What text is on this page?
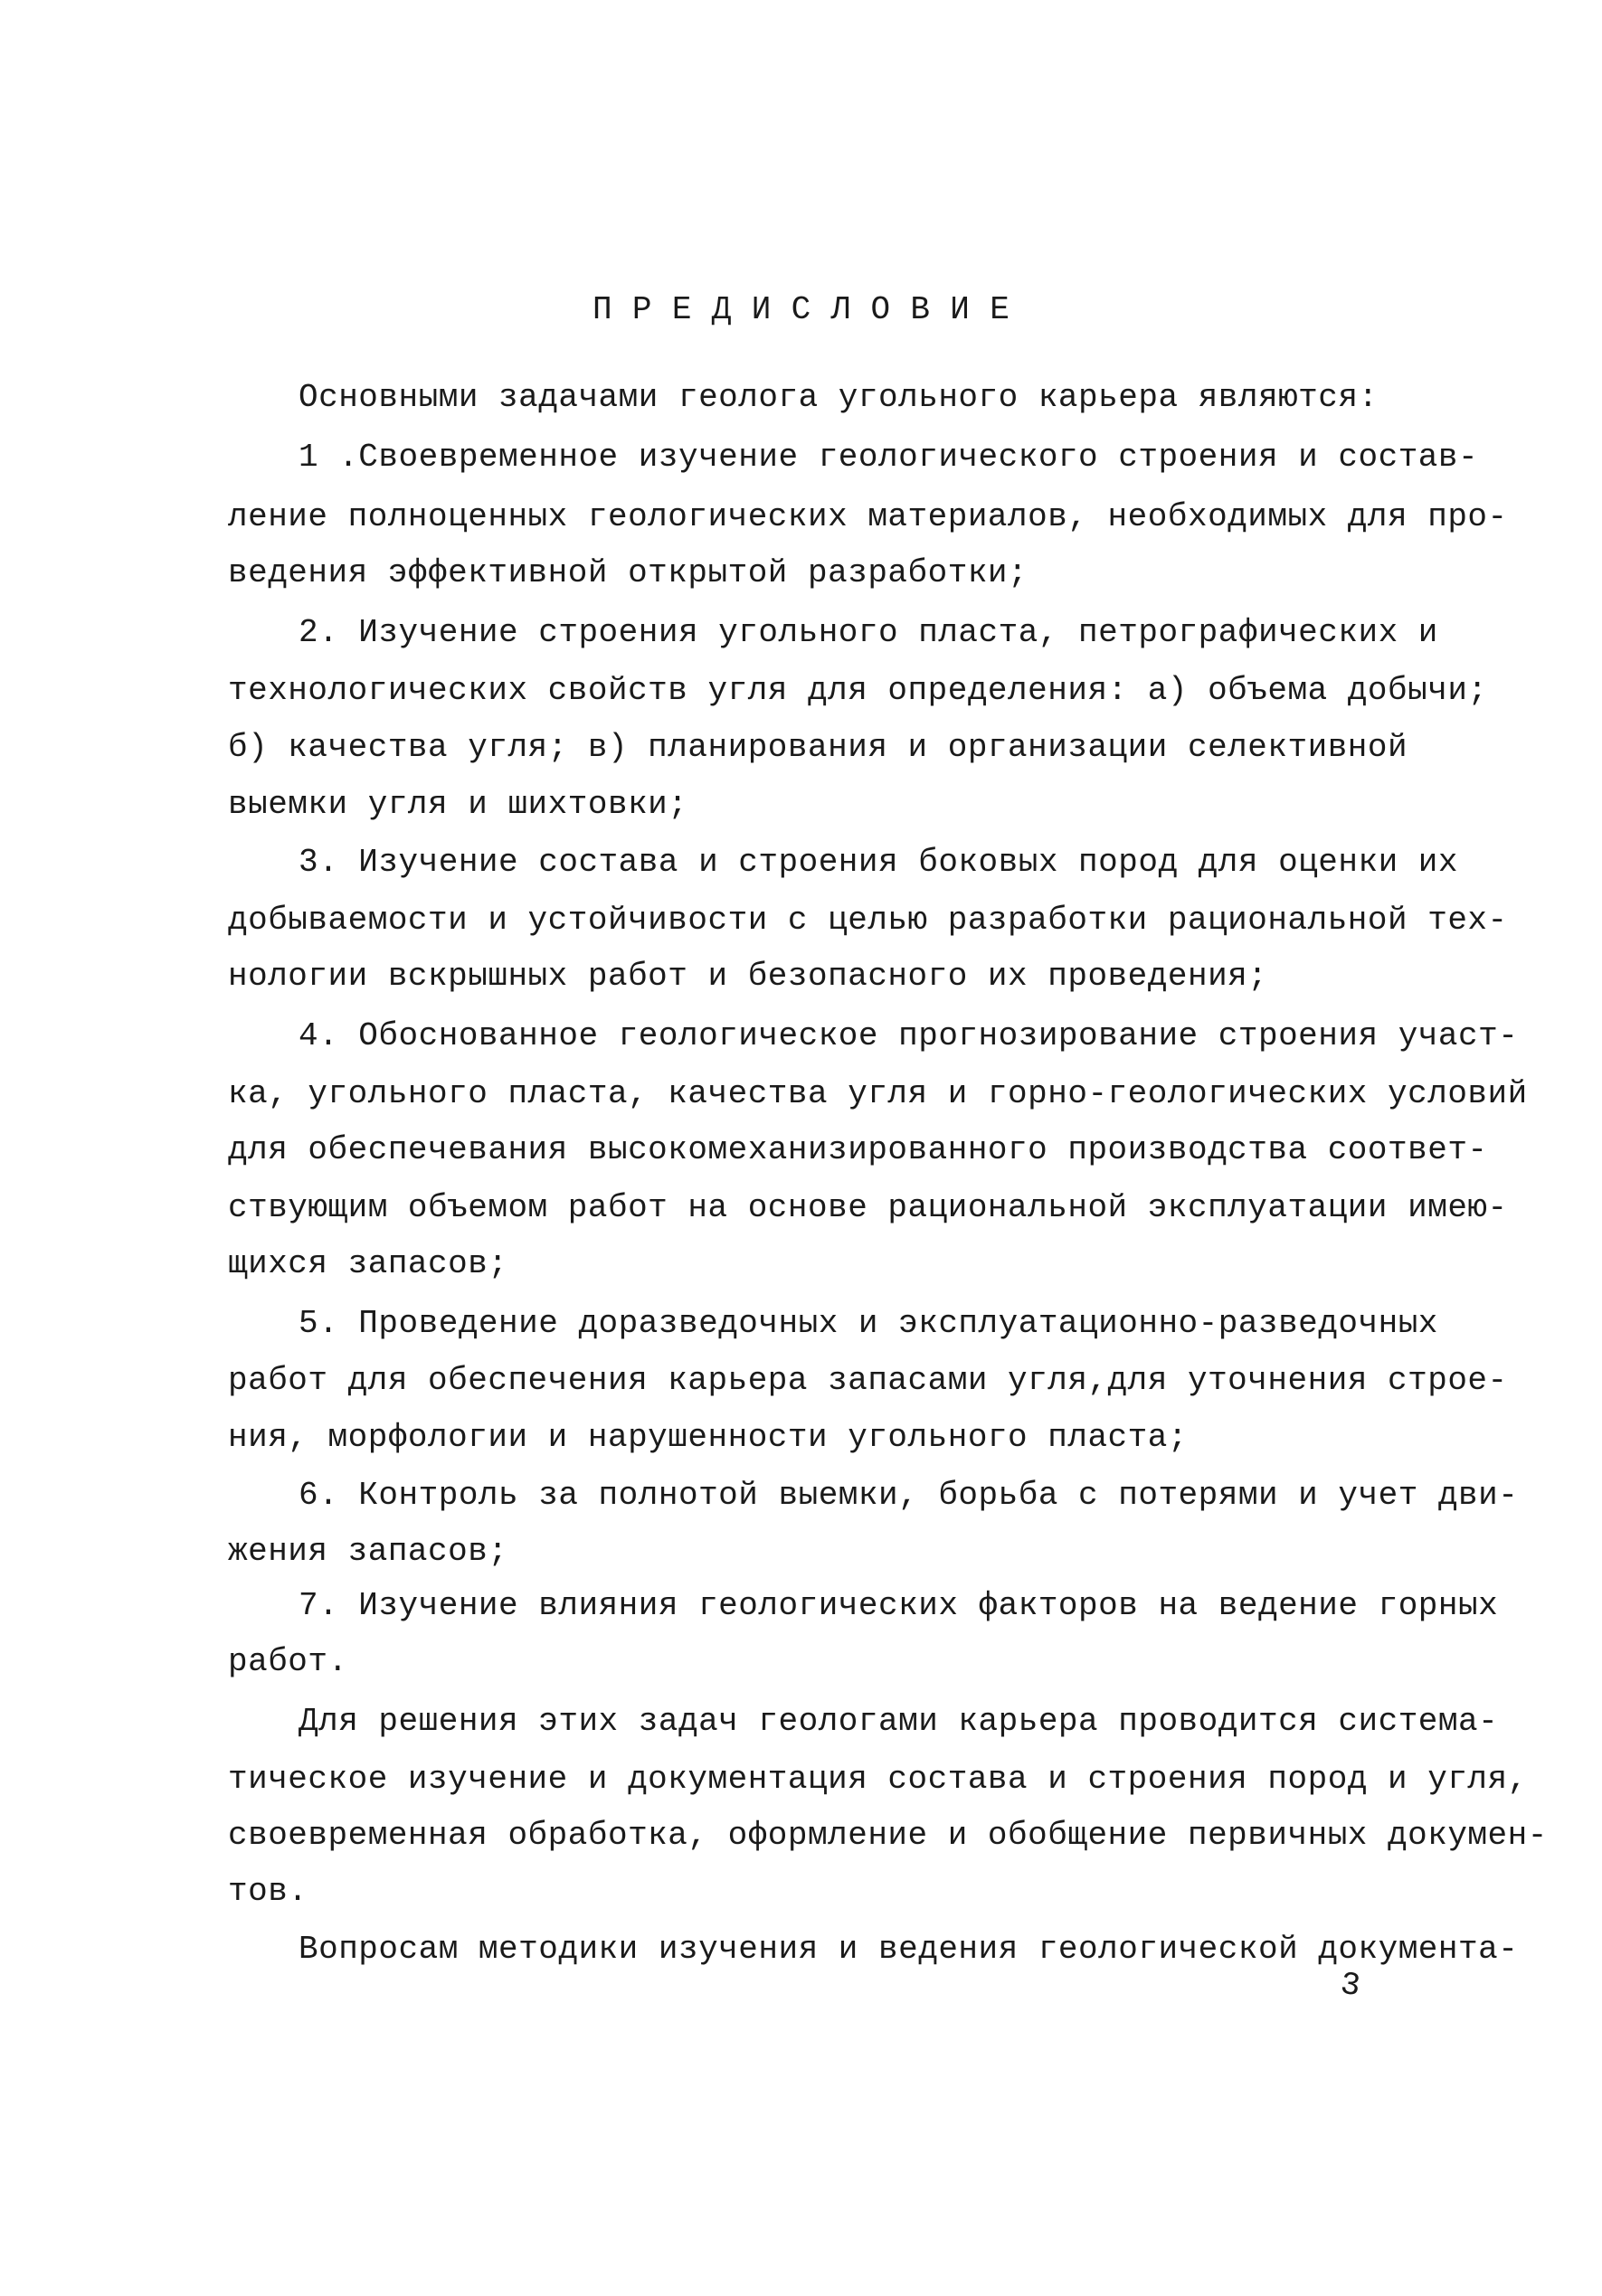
ПРЕДИСЛОВИЕ
Основными задачами геолога угольного карьера являются:
1 .Своевременное изучение геологического строения и состав-
ление полноценных геологических материалов, необходимых для про-
ведения эффективной открытой разработки;
2. Изучение строения угольного пласта, петрографических и
технологических свойств угля для определения: а) объема добычи;
б) качества угля; в) планирования и организации селективной
выемки угля и шихтовки;
3. Изучение состава и строения боковых пород для оценки их
добываемости и устойчивости с целью разработки рациональной тех-
нологии вскрышных работ и безопасного их проведения;
4. Обоснованное геологическое прогнозирование строения участ-
ка, угольного пласта, качества угля и горно-геологических условий
для обеспечевания высокомеханизированного производства соответ-
ствующим объемом работ на основе рациональной эксплуатации имею-
щихся запасов;
5. Проведение доразведочных и эксплуатационно-разведочных
работ для обеспечения карьера запасами угля,для уточнения строе-
ния, морфологии и нарушенности угольного пласта;
6. Контроль за полнотой выемки, борьба с потерями и учет дви-
жения запасов;
7. Изучение влияния геологических факторов на ведение горных
работ.
Для решения этих задач геологами карьера проводится система-
тическое изучение и документация состава и строения пород и угля,
своевременная обработка, оформление и обобщение первичных докумен-
тов.
Вопросам методики изучения и ведения геологической документа-
3
